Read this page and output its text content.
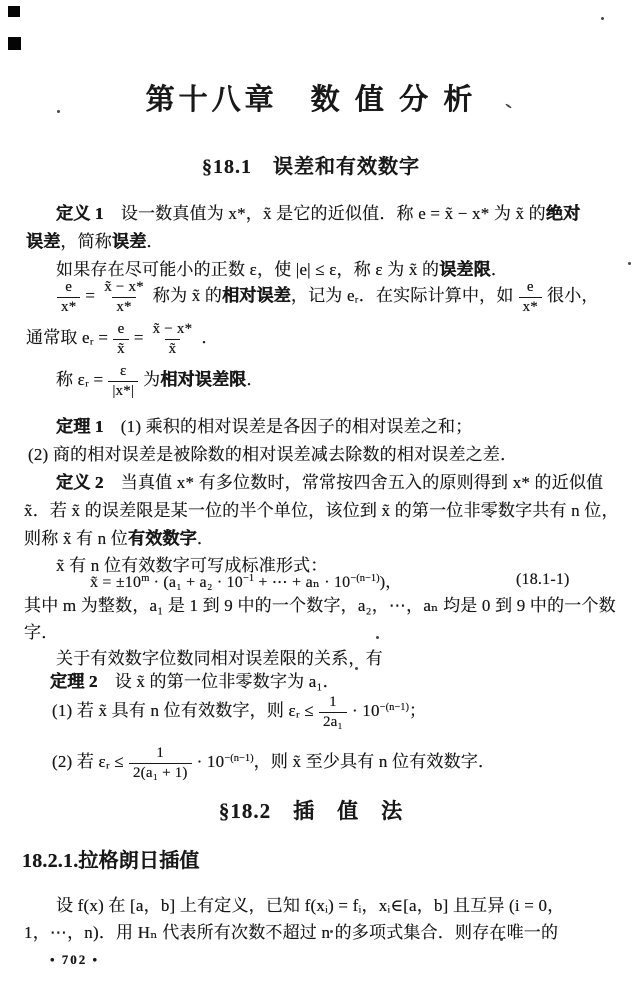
第十八章　数 值 分 析
§18.1　误差和有效数字
定义 1　设一数真值为 x*，x̃ 是它的近似值．称 e = x̃ − x* 为 x̃ 的绝对
误差，简称误差．
如果存在尽可能小的正数 ε，使 |e| ≤ ε，称 ε 为 x̃ 的误差限．
$\frac{e}{x*} = \frac{x̃ - x*}{x*}$ 称为 x̃ 的相对误差，记为 eᵣ．在实际计算中，如 $\frac{e}{x*}$ 很小，
通常取 eᵣ = $\frac{e}{x̃} = \frac{x̃ - x*}{x̃}$ ．
称 εᵣ = $\frac{\varepsilon}{|x*|}$ 为相对误差限．
定理 1　(1) 乘积的相对误差是各因子的相对误差之和；
(2) 商的相对误差是被除数的相对误差减去除数的相对误差之差．
定义 2　当真值 x* 有多位数时，常常按四舍五入的原则得到 x* 的近似值
x̃．若 x̃ 的误差限是某一位的半个单位，该位到 x̃ 的第一位非零数字共有 n 位，
则称 x̃ 有 n 位有效数字．
x̃ 有 n 位有效数字可写成标准形式：
x̃ = $\pm 10^m \cdot (a_1 + a_2 \cdot 10^{-1}$ + ⋯ + $a_n \cdot 10^{-(n-1)}$)，	(18.1-1)
其中 m 为整数，a₁ 是 1 到 9 中的一个数字，a₂，⋯，aₙ 均是 0 到 9 中的一个数
字．
关于有效数字位数同相对误差限的关系，有
定理 2　设 x̃ 的第一位非零数字为 a₁．
(1) 若 x̃ 具有 n 位有效数字，则 εᵣ ≤ $\frac{1}{\text{2a₁}} \cdot 10^{-(n-1)}$；
(2) 若 εᵣ ≤ $\frac{1}{\text{2(a₁ + 1)}} \cdot 10^{-(n-1)}$，则 x̃ 至少具有 n 位有效数字．
§18.2　插　值　法
18.2.1.拉格朗日插值
设 f(x) 在 [a，b] 上有定义，已知 f(xᵢ) = fᵢ，xᵢ∈[a，b] 且互异 (i = 0，
1，⋯，n)．用 Hₙ 代表所有次数不超过 n 的多项式集合．则存在唯一的
• 702 •
